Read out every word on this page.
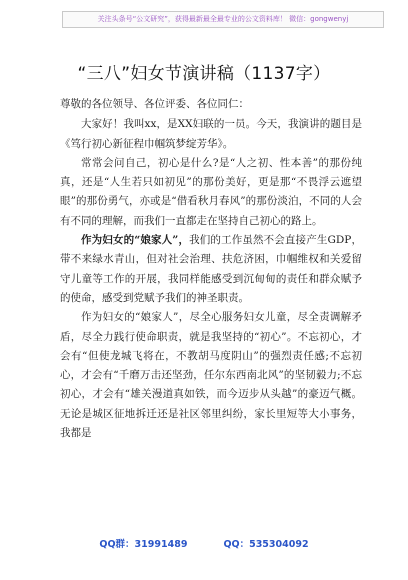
关注头条号“公文研究”，获得最新最全最专业的公文资料库！ 微信：gongwenyj
“三八”妇女节演讲稿（1137字）

尊敬的各位领导、各位评委、各位同仁：

大家好！我叫xx，是XX妇联的一员。今天，我演讲的题目是《笃行初心新征程巾帼筑梦绽芳华》。

常常会问自己，初心是什么?是“人之初、性本善”的那份纯真，还是“人生若只如初见”的那份美好，更是那“不畏浮云遮望眼”的那份勇气，亦或是“借看秋月春风”的那份淡泊，不同的人会有不同的理解，而我们一直都走在坚持自己初心的路上。

作为妇女的“娘家人”，我们的工作虽然不会直接产生GDP，带不来绿水青山，但对社会治理、扶危济困，巾帼维权和关爱留守儿童等工作的开展，我同样能感受到沉甸甸的责任和群众赋予的使命，感受到党赋予我们的神圣职责。

作为妇女的“娘家人”，尽全心服务妇女儿童，尽全责调解矛盾，尽全力践行使命职责，就是我坚持的“初心”。不忘初心，才会有“但使龙城飞将在，不教胡马度阴山”的强烈责任感;不忘初心，才会有“千磨万击还坚劲，任尔东西南北风”的坚韧毅力;不忘初心，才会有“雄关漫道真如铁，而今迈步从头越”的豪迈气概。无论是城区征地拆迁还是社区邻里纠纷，家长里短等大小事务，我都是

QQ群：31991489	QQ：535304092
